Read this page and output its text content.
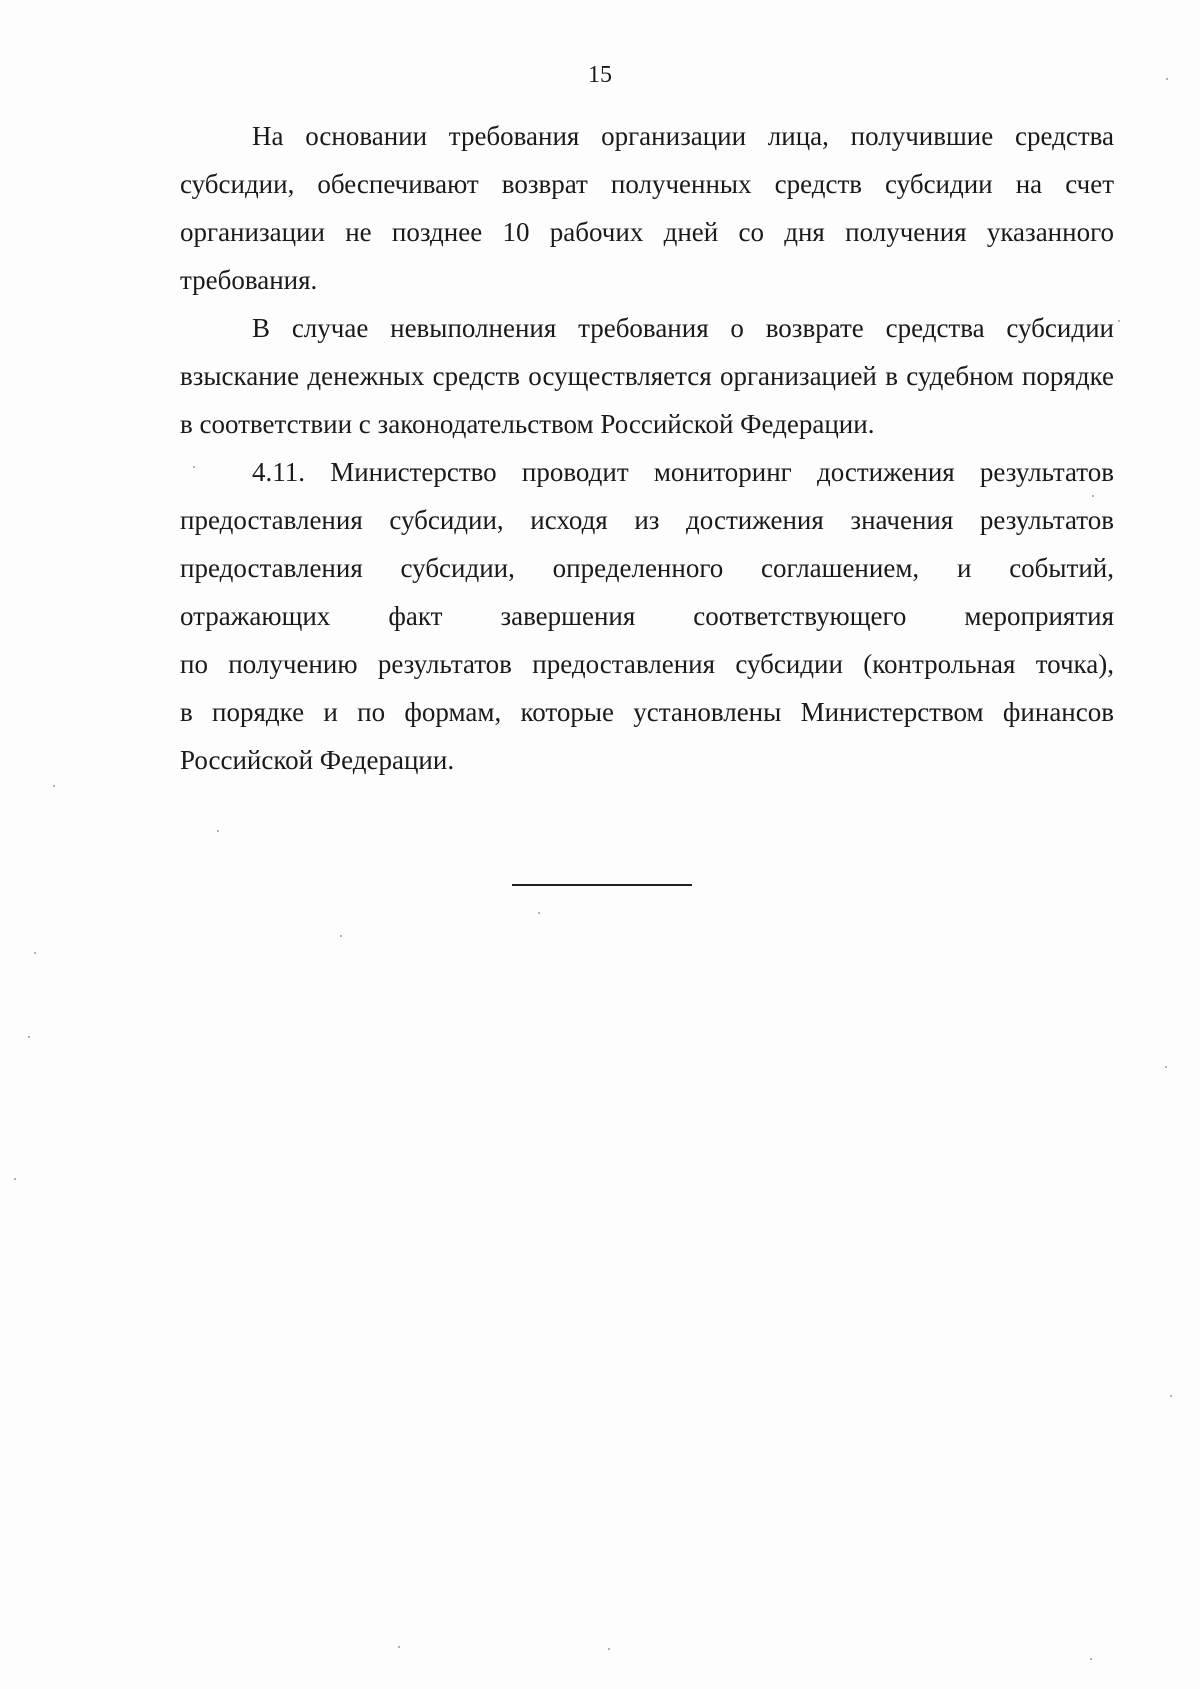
15
На основании требования организации лица, получившие средства
субсидии, обеспечивают возврат полученных средств субсидии на счет
организации не позднее 10 рабочих дней со дня получения указанного
требования.
В случае невыполнения требования о возврате средства субсидии
взыскание денежных средств осуществляется организацией в судебном порядке
в соответствии с законодательством Российской Федерации.
4.11. Министерство проводит мониторинг достижения результатов
предоставления субсидии, исходя из достижения значения результатов
предоставления субсидии, определенного соглашением, и событий,
отражающих факт завершения соответствующего мероприятия
по получению результатов предоставления субсидии (контрольная точка),
в порядке и по формам, которые установлены Министерством финансов
Российской Федерации.
